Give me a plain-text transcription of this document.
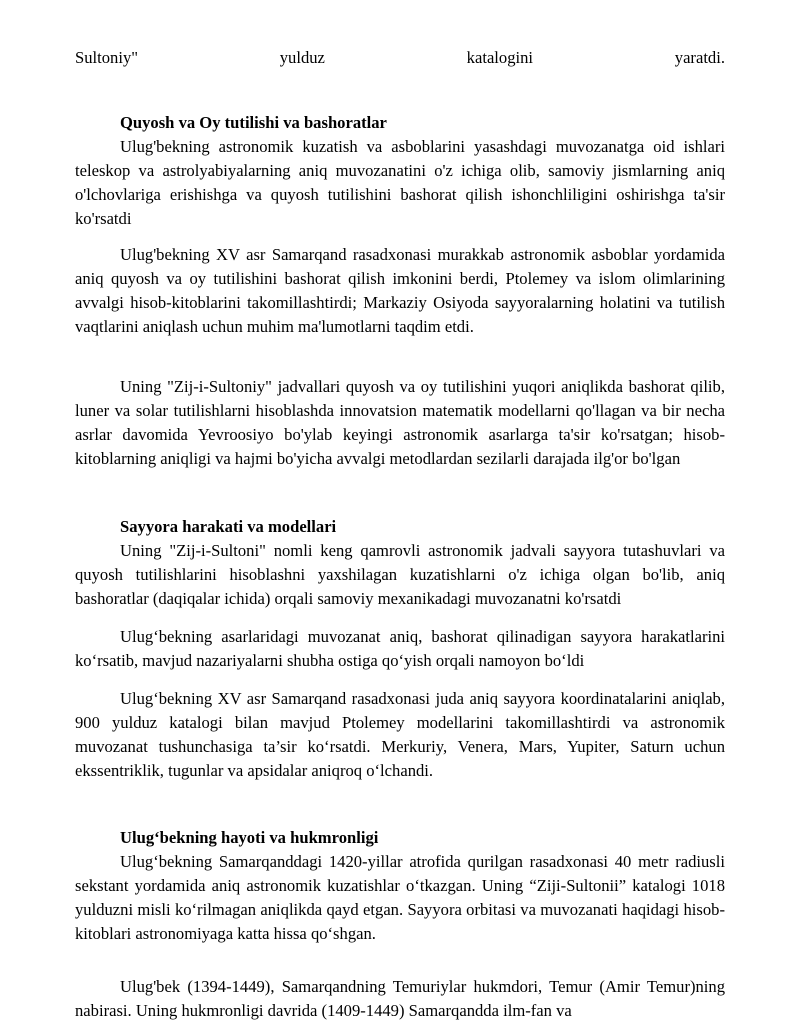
Sultoniy" yulduz katalogini yaratdi.

Quyosh va Oy tutilishi va bashoratlar

Ulug'bekning astronomik kuzatish va asboblarini yasashdagi muvozanatga oid ishlari teleskop va astrolyabiyalarning aniq muvozanatini o'z ichiga olib, samoviy jismlarning aniq o'lchovlariga erishishga va quyosh tutilishini bashorat qilish ishonchliligini oshirishga ta'sir ko'rsatdi

Ulug'bekning XV asr Samarqand rasadxonasi murakkab astronomik asboblar yordamida aniq quyosh va oy tutilishini bashorat qilish imkonini berdi, Ptolemey va islom olimlarining avvalgi hisob-kitoblarini takomillashtirdi; Markaziy Osiyoda sayyoralarning holatini va tutilish vaqtlarini aniqlash uchun muhim ma'lumotlarni taqdim etdi.

Uning "Zij-i-Sultoniy" jadvallari quyosh va oy tutilishini yuqori aniqlikda bashorat qilib, luner va solar tutilishlarni hisoblashda innovatsion matematik modellarni qo'llagan va bir necha asrlar davomida Yevroosiyo bo'ylab keyingi astronomik asarlarga ta'sir ko'rsatgan; hisob-kitoblarning aniqligi va hajmi bo'yicha avvalgi metodlardan sezilarli darajada ilg'or bo'lgan

Sayyora harakati va modellari

Uning "Zij-i-Sultoni" nomli keng qamrovli astronomik jadvali sayyora tutashuvlari va quyosh tutilishlarini hisoblashni yaxshilagan kuzatishlarni o'z ichiga olgan bo'lib, aniq bashoratlar (daqiqalar ichida) orqali samoviy mexanikadagi muvozanatni ko'rsatdi

Ulug‘bekning asarlaridagi muvozanat aniq, bashorat qilinadigan sayyora harakatlarini ko‘rsatib, mavjud nazariyalarni shubha ostiga qo‘yish orqali namoyon bo‘ldi

Ulug‘bekning XV asr Samarqand rasadxonasi juda aniq sayyora koordinatalarini aniqlab, 900 yulduz katalogi bilan mavjud Ptolemey modellarini takomillashtirdi va astronomik muvozanat tushunchasiga ta’sir ko‘rsatdi. Merkuriy, Venera, Mars, Yupiter, Saturn uchun ekssentriklik, tugunlar va apsidalar aniqroq o‘lchandi.

Ulug‘bekning hayoti va hukmronligi

Ulug‘bekning Samarqanddagi 1420-yillar atrofida qurilgan rasadxonasi 40 metr radiusli sekstant yordamida aniq astronomik kuzatishlar o‘tkazgan. Uning “Ziji-Sultonii” katalogi 1018 yulduzni misli ko‘rilmagan aniqlikda qayd etgan. Sayyora orbitasi va muvozanati haqidagi hisob-kitoblari astronomiyaga katta hissa qo‘shgan.

Ulug'bek (1394-1449), Samarqandning Temuriylar hukmdori, Temur (Amir Temur)ning nabirasi. Uning hukmronligi davrida (1409-1449) Samarqandda ilm-fan va
